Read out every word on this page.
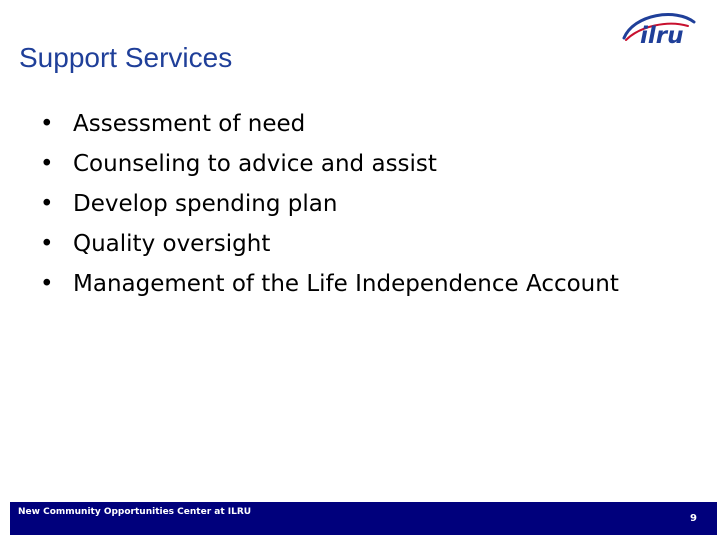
Support Services
ilru
• Assessment of need
• Counseling to advice and assist
• Develop spending plan
• Quality oversight
• Management of the Life Independence Account
New Community Opportunities Center at ILRU
9
